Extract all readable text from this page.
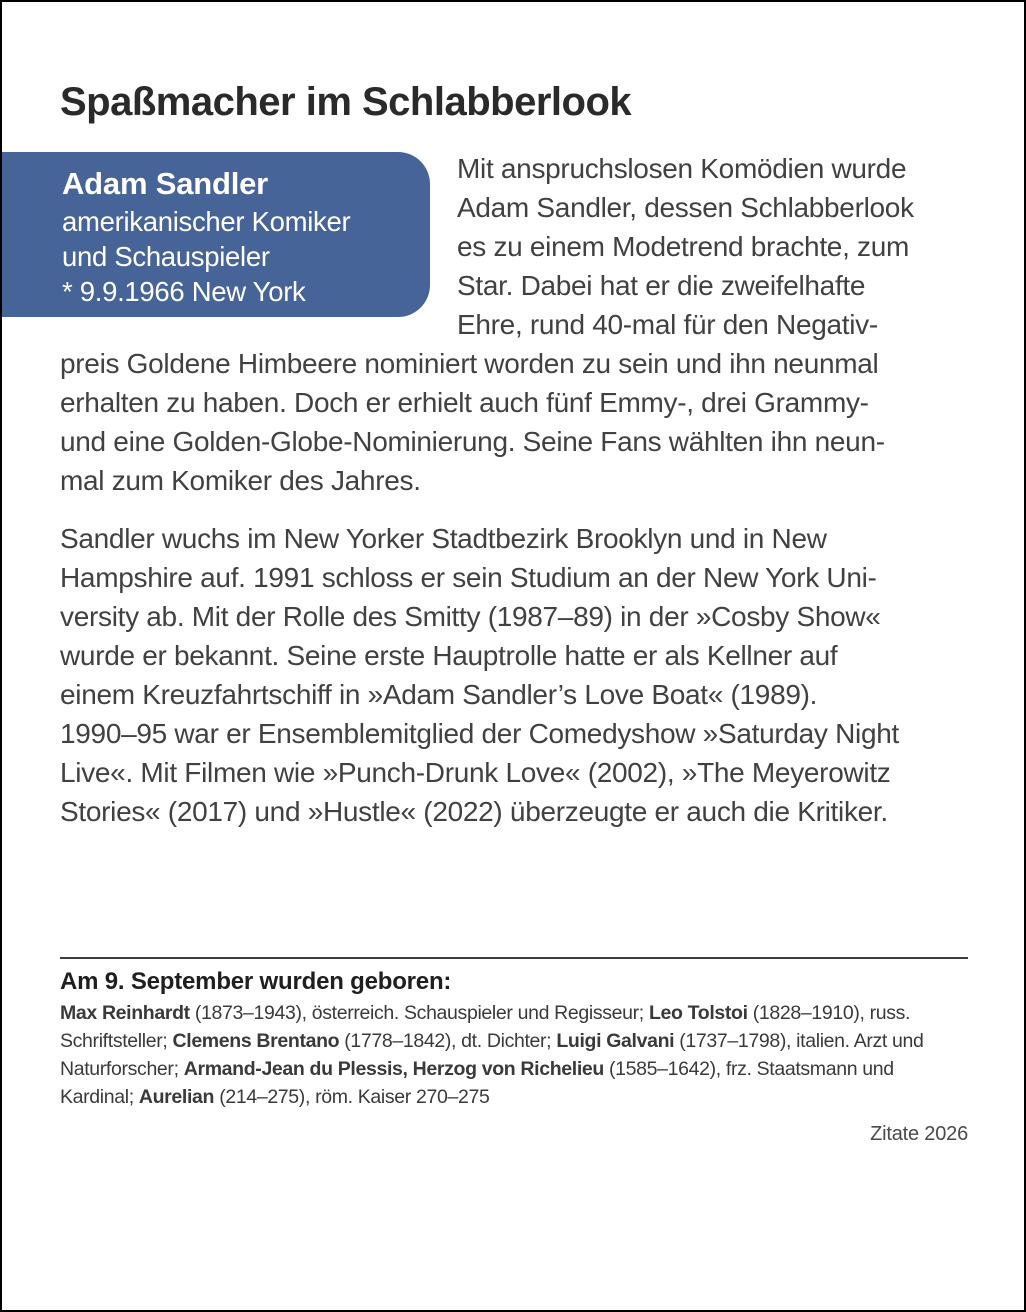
Spaßmacher im Schlabberlook
Adam Sandler
amerikanischer Komiker
und Schauspieler
* 9.9.1966 New York
Mit anspruchslosen Komödien wurde
Adam Sandler, dessen Schlabberlook
es zu einem Modetrend brachte, zum
Star. Dabei hat er die zweifelhafte
Ehre, rund 40-mal für den Negativ-
preis Goldene Himbeere nominiert worden zu sein und ihn neunmal
erhalten zu haben. Doch er erhielt auch fünf Emmy-, drei Grammy-
und eine Golden-Globe-Nominierung. Seine Fans wählten ihn neun-
mal zum Komiker des Jahres.
Sandler wuchs im New Yorker Stadtbezirk Brooklyn und in New
Hampshire auf. 1991 schloss er sein Studium an der New York Uni-
versity ab. Mit der Rolle des Smitty (1987–89) in der »Cosby Show«
wurde er bekannt. Seine erste Hauptrolle hatte er als Kellner auf
einem Kreuzfahrtschiff in »Adam Sandler’s Love Boat« (1989).
1990–95 war er Ensemblemitglied der Comedyshow »Saturday Night
Live«. Mit Filmen wie »Punch-Drunk Love« (2002), »The Meyerowitz
Stories« (2017) und »Hustle« (2022) überzeugte er auch die Kritiker.
Am 9. September wurden geboren:
Max Reinhardt (1873–1943), österreich. Schauspieler und Regisseur; Leo Tolstoi (1828–1910), russ. Schriftsteller; Clemens Brentano (1778–1842), dt. Dichter; Luigi Galvani (1737–1798), italien. Arzt und Naturforscher; Armand-Jean du Plessis, Herzog von Richelieu (1585–1642), frz. Staatsmann und Kardinal; Aurelian (214–275), röm. Kaiser 270–275
Zitate 2026
